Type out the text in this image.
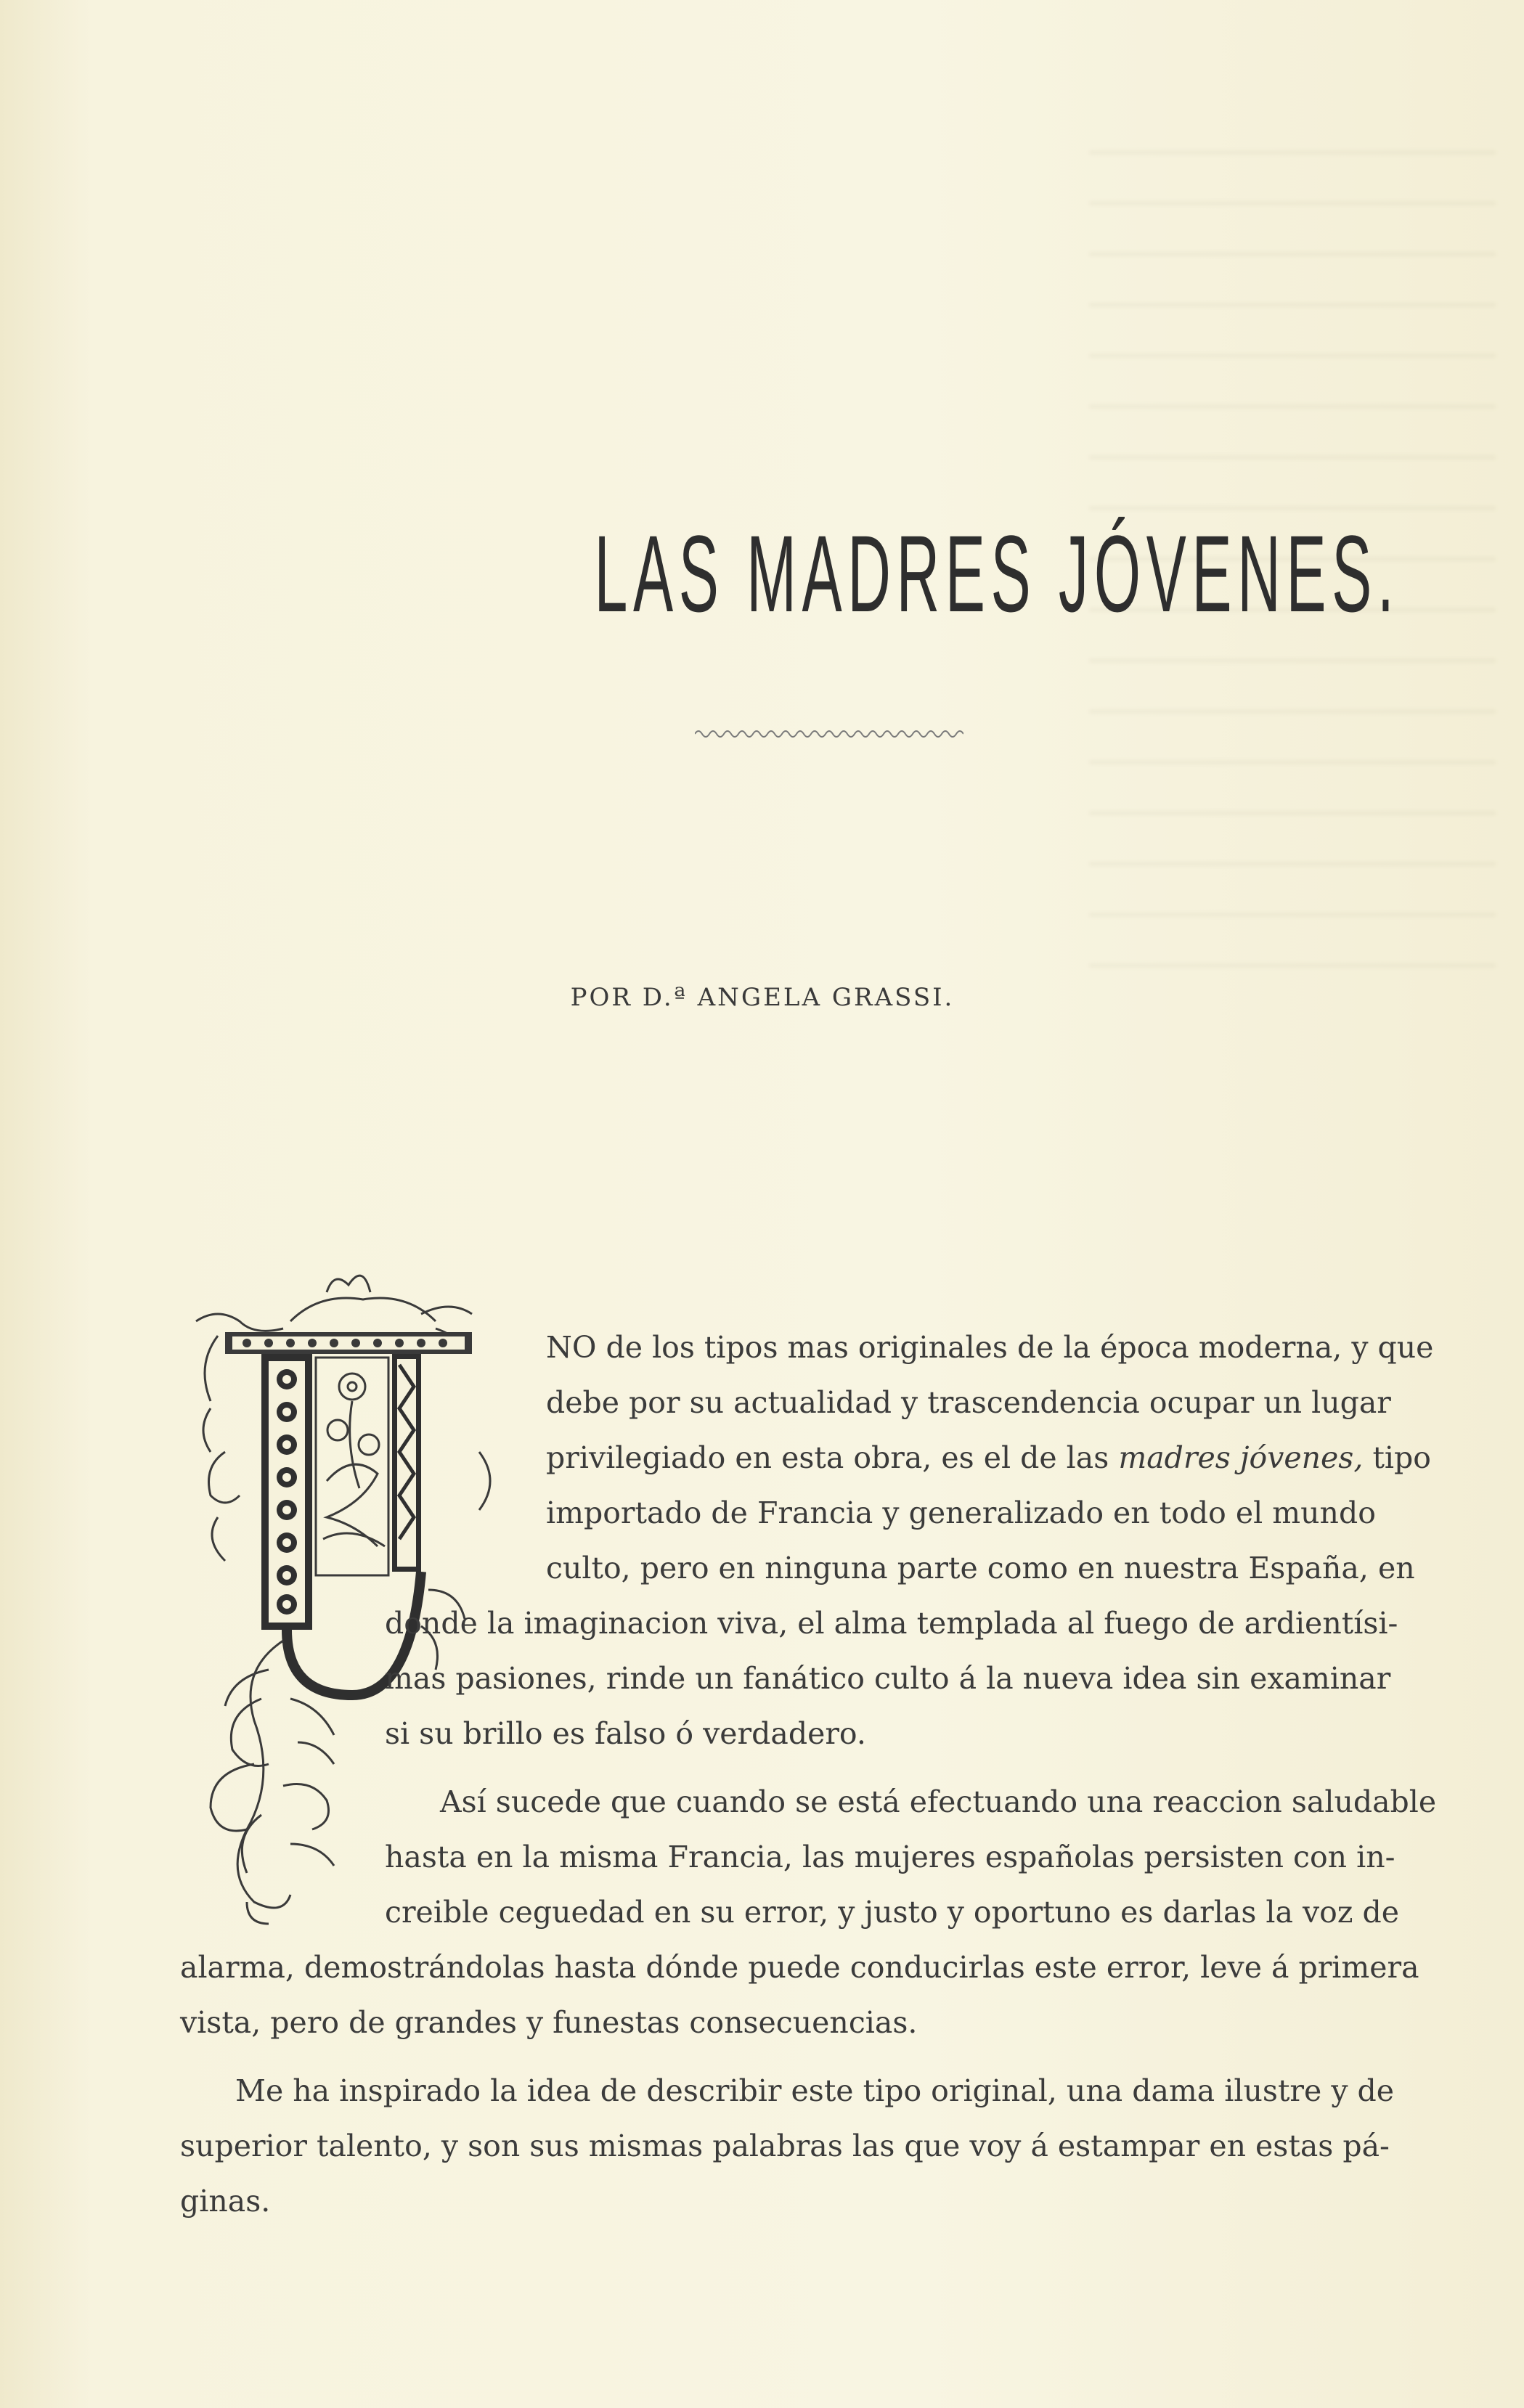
LAS MADRES JÓVENES.
POR D.ª ANGELA GRASSI.
NO de los tipos mas originales de la época moderna, y que
debe por su actualidad y trascendencia ocupar un lugar
privilegiado en esta obra, es el de las madres jóvenes, tipo
importado de Francia y generalizado en todo el mundo
culto, pero en ninguna parte como en nuestra España, en
donde la imaginacion viva, el alma templada al fuego de ardientísi-
mas pasiones, rinde un fanático culto á la nueva idea sin examinar
si su brillo es falso ó verdadero.
Así sucede que cuando se está efectuando una reaccion saludable
hasta en la misma Francia, las mujeres españolas persisten con in-
creible ceguedad en su error, y justo y oportuno es darlas la voz de
alarma, demostrándolas hasta dónde puede conducirlas este error, leve á primera
vista, pero de grandes y funestas consecuencias.
Me ha inspirado la idea de describir este tipo original, una dama ilustre y de
superior talento, y son sus mismas palabras las que voy á estampar en estas pá-
ginas.
